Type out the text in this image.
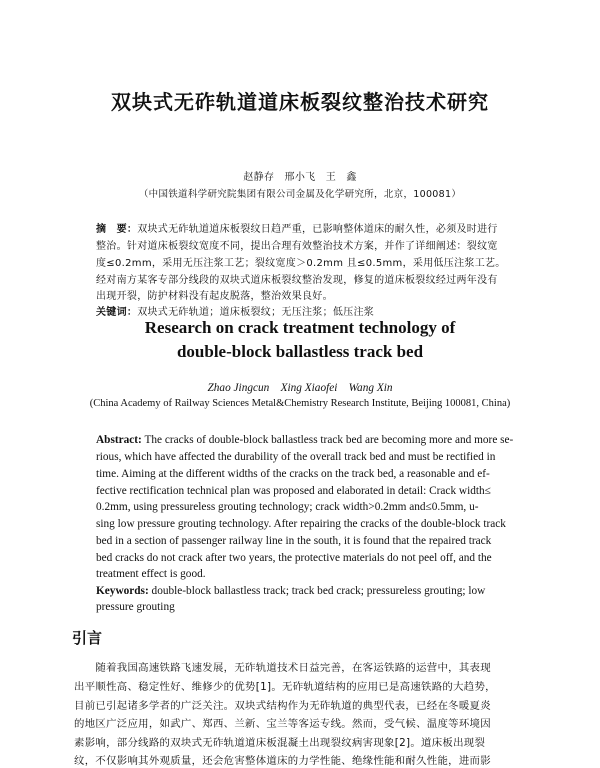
双块式无砟轨道道床板裂纹整治技术研究
赵静存　邢小飞　王　鑫
（中国铁道科学研究院集团有限公司金属及化学研究所，北京，100081）
摘　要：双块式无砟轨道道床板裂纹日趋严重，已影响整体道床的耐久性，必须及时进行
整治。针对道床板裂纹宽度不同，提出合理有效整治技术方案，并作了详细阐述：裂纹宽
度≤0.2mm，采用无压注浆工艺；裂纹宽度＞0.2mm 且≤0.5mm，采用低压注浆工艺。
经对南方某客专部分线段的双块式道床板裂纹整治发现，修复的道床板裂纹经过两年没有
出现开裂，防护材料没有起皮脱落，整治效果良好。
关键词：双块式无砟轨道；道床板裂纹；无压注浆；低压注浆
Research on crack treatment technology of
double-block ballastless track bed
Zhao Jingcun　Xing Xiaofei　Wang Xin
(China Academy of Railway Sciences Metal&Chemistry Research Institute, Beijing 100081, China)
Abstract: The cracks of double-block ballastless track bed are becoming more and more se-
rious, which have affected the durability of the overall track bed and must be rectified in
time. Aiming at the different widths of the cracks on the track bed, a reasonable and ef-
fective rectification technical plan was proposed and elaborated in detail: Crack width≤
0.2mm, using pressureless grouting technology; crack width>0.2mm and≤0.5mm, u-
sing low pressure grouting technology. After repairing the cracks of the double-block track
bed in a section of passenger railway line in the south, it is found that the repaired track
bed cracks do not crack after two years, the protective materials do not peel off, and the
treatment effect is good.
Keywords: double-block ballastless track; track bed crack; pressureless grouting; low
pressure grouting
引言
　　随着我国高速铁路飞速发展，无砟轨道技术日益完善，在客运铁路的运营中，其表现
出平顺性高、稳定性好、维修少的优势[1]。无砟轨道结构的应用已是高速铁路的大趋势，
目前已引起诸多学者的广泛关注。双块式结构作为无砟轨道的典型代表，已经在冬暖夏炎
的地区广泛应用，如武广、郑西、兰新、宝兰等客运专线。然而，受气候、温度等环境因
素影响，部分线路的双块式无砟轨道道床板混凝土出现裂纹病害现象[2]。道床板出现裂
纹，不仅影响其外观质量，还会危害整体道床的力学性能、绝缘性能和耐久性能，进而影
